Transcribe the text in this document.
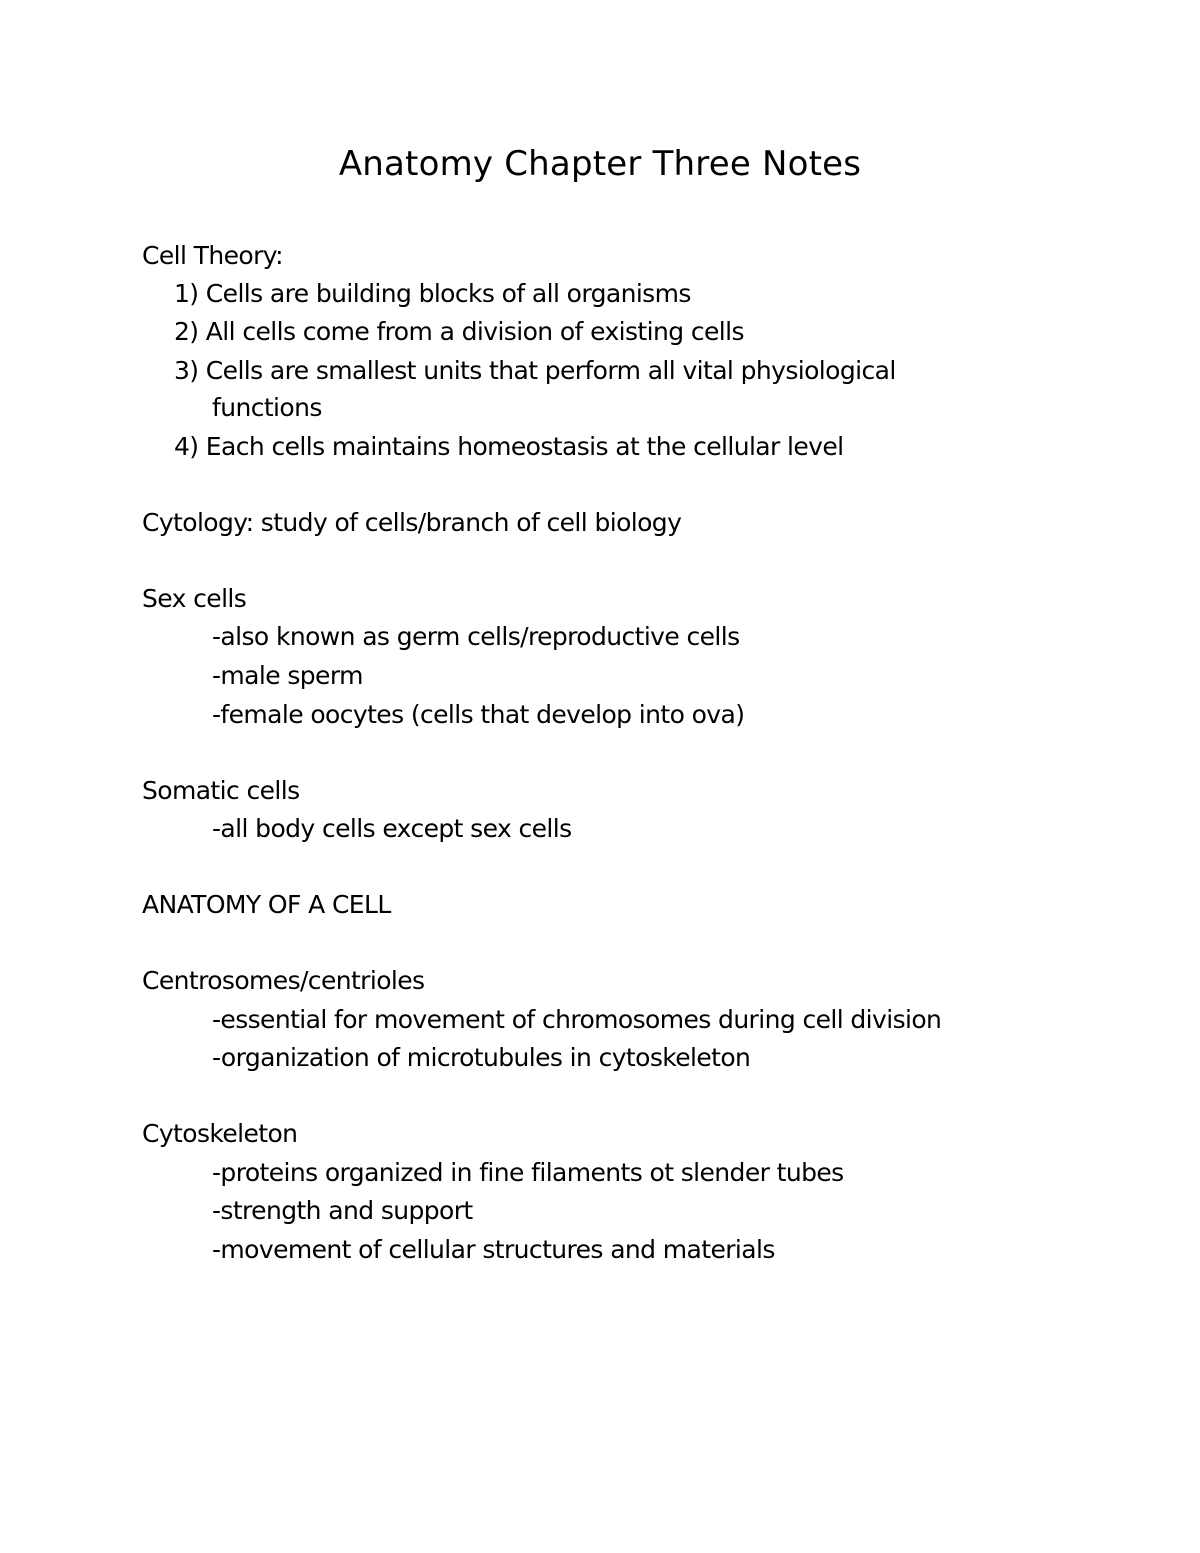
Anatomy Chapter Three Notes
Cell Theory:
1) Cells are building blocks of all organisms
2) All cells come from a division of existing cells
3) Cells are smallest units that perform all vital physiological
functions
4) Each cells maintains homeostasis at the cellular level
Cytology: study of cells/branch of cell biology
Sex cells
-also known as germ cells/reproductive cells
-male sperm
-female oocytes (cells that develop into ova)
Somatic cells
-all body cells except sex cells
ANATOMY OF A CELL
Centrosomes/centrioles
-essential for movement of chromosomes during cell division
-organization of microtubules in cytoskeleton
Cytoskeleton
-proteins organized in fine filaments ot slender tubes
-strength and support
-movement of cellular structures and materials
